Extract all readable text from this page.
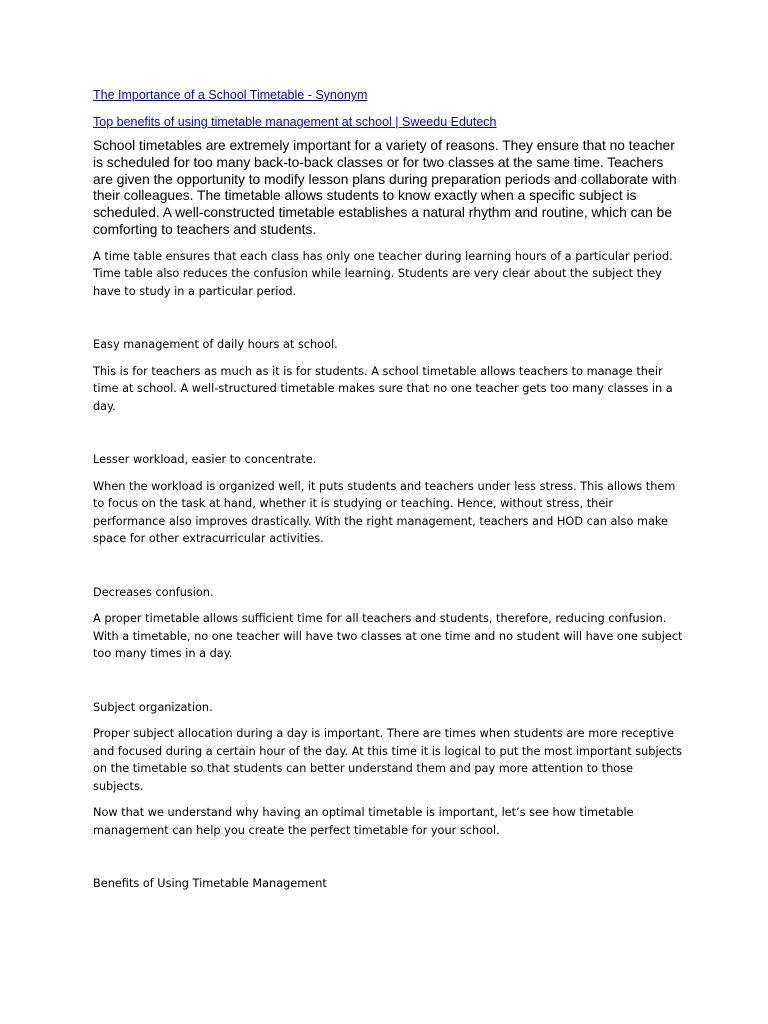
The Importance of a School Timetable - Synonym
Top benefits of using timetable management at school | Sweedu Edutech

School timetables are extremely important for a variety of reasons. They ensure that no teacher is scheduled for too many back-to-back classes or for two classes at the same time. Teachers are given the opportunity to modify lesson plans during preparation periods and collaborate with their colleagues. The timetable allows students to know exactly when a specific subject is scheduled. A well-constructed timetable establishes a natural rhythm and routine, which can be comforting to teachers and students.

A time table ensures that each class has only one teacher during learning hours of a particular period. Time table also reduces the confusion while learning. Students are very clear about the subject they have to study in a particular period.

Easy management of daily hours at school.

This is for teachers as much as it is for students. A school timetable allows teachers to manage their time at school. A well-structured timetable makes sure that no one teacher gets too many classes in a day.

Lesser workload, easier to concentrate.

When the workload is organized well, it puts students and teachers under less stress. This allows them to focus on the task at hand, whether it is studying or teaching. Hence, without stress, their performance also improves drastically. With the right management, teachers and HOD can also make space for other extracurricular activities.

Decreases confusion.

A proper timetable allows sufficient time for all teachers and students, therefore, reducing confusion. With a timetable, no one teacher will have two classes at one time and no student will have one subject too many times in a day.

Subject organization.

Proper subject allocation during a day is important. There are times when students are more receptive and focused during a certain hour of the day. At this time it is logical to put the most important subjects on the timetable so that students can better understand them and pay more attention to those subjects.

Now that we understand why having an optimal timetable is important, let’s see how timetable management can help you create the perfect timetable for your school.

Benefits of Using Timetable Management
